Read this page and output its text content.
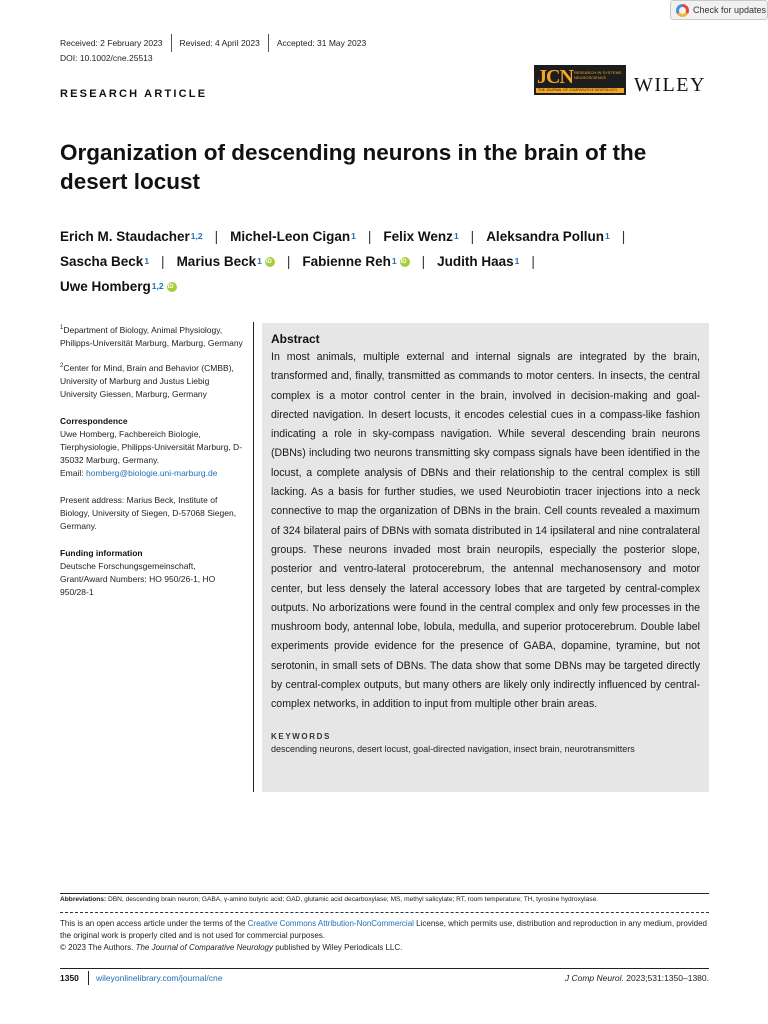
Check for updates
Received: 2 February 2023 Revised: 4 April 2023 Accepted: 31 May 2023
DOI: 10.1002/cne.25513
RESEARCH ARTICLE
JCN RESEARCH IN SYSTEMS NEUROSCIENCE
THE JOURNAL OF COMPARATIVE NEUROLOGY WILEY
Organization of descending neurons in the brain of the desert locust
Erich M. Staudacher$^{1,2}$ | Michel-Leon Cigan$^1$ | Felix Wenz$^1$ | Aleksandra Pollun$^1$ |

Sascha Beck$^1$ | Marius Beck$^1$ iD | Fabienne Reh$^1$ iD | Judith Haas$^1$ |

Uwe Homberg$^{1,2}$
iD

$^1$Department of Biology, Animal Physiology, Philipps-Universität Marburg, Marburg, Germany

$^2$Center for Mind, Brain and Behavior (CMBB), University of Marburg and Justus Liebig University Giessen, Marburg, Germany

Correspondence
Uwe Homberg, Fachbereich Biologie, Tierphysiologie, Philipps-Universität Marburg, D-35032 Marburg, Germany.
Email: homberg@biologie.uni-marburg.de

Present address: Marius Beck, Institute of Biology, University of Siegen, D-57068 Siegen, Germany.

Funding information
Deutsche Forschungsgemeinschaft, Grant/Award Numbers: HO 950/26-1, HO 950/28-1

Abstract
In most animals, multiple external and internal signals are integrated by the brain, transformed and, finally, transmitted as commands to motor centers. In insects, the central complex is a motor control center in the brain, involved in decision-making and goal-directed navigation. In desert locusts, it encodes celestial cues in a compass-like fashion indicating a role in sky-compass navigation. While several descending brain neurons (DBNs) including two neurons transmitting sky compass signals have been identified in the locust, a complete analysis of DBNs and their relationship to the central complex is still lacking. As a basis for further studies, we used Neurobiotin tracer injections into a neck connective to map the organization of DBNs in the brain. Cell counts revealed a maximum of 324 bilateral pairs of DBNs with somata distributed in 14 ipsilateral and nine contralateral groups. These neurons invaded most brain neuropils, especially the posterior slope, posterior and ventro-lateral protocerebrum, the antennal mechanosensory and motor center, but less densely the lateral accessory lobes that are targeted by central-complex outputs. No arborizations were found in the central complex and only few processes in the mushroom body, antennal lobe, lobula, medulla, and superior protocerebrum. Double label experiments provide evidence for the presence of GABA, dopamine, tyramine, but not serotonin, in small sets of DBNs. The data show that some DBNs may be targeted directly by central-complex outputs, but many others are likely only indirectly influenced by central-complex networks, in addition to input from multiple other brain areas.
KEYWORDS
descending neurons, desert locust, goal-directed navigation, insect brain, neurotransmitters
Abbreviations: DBN, descending brain neuron; GABA, γ-amino butyric acid; GAD, glutamic acid decarboxylase; MS, methyl salicylate; RT, room temperature; TH, tyrosine hydroxylase.
This is an open access article under the terms of the Creative Commons Attribution-NonCommercial License, which permits use, distribution and reproduction in any medium, provided the original work is properly cited and is not used for commercial purposes.
© 2023 The Authors. The Journal of Comparative Neurology published by Wiley Periodicals LLC.
1350 wileyonlinelibrary.com/journal/cne	J Comp Neurol. 2023;531:1350–1380.
